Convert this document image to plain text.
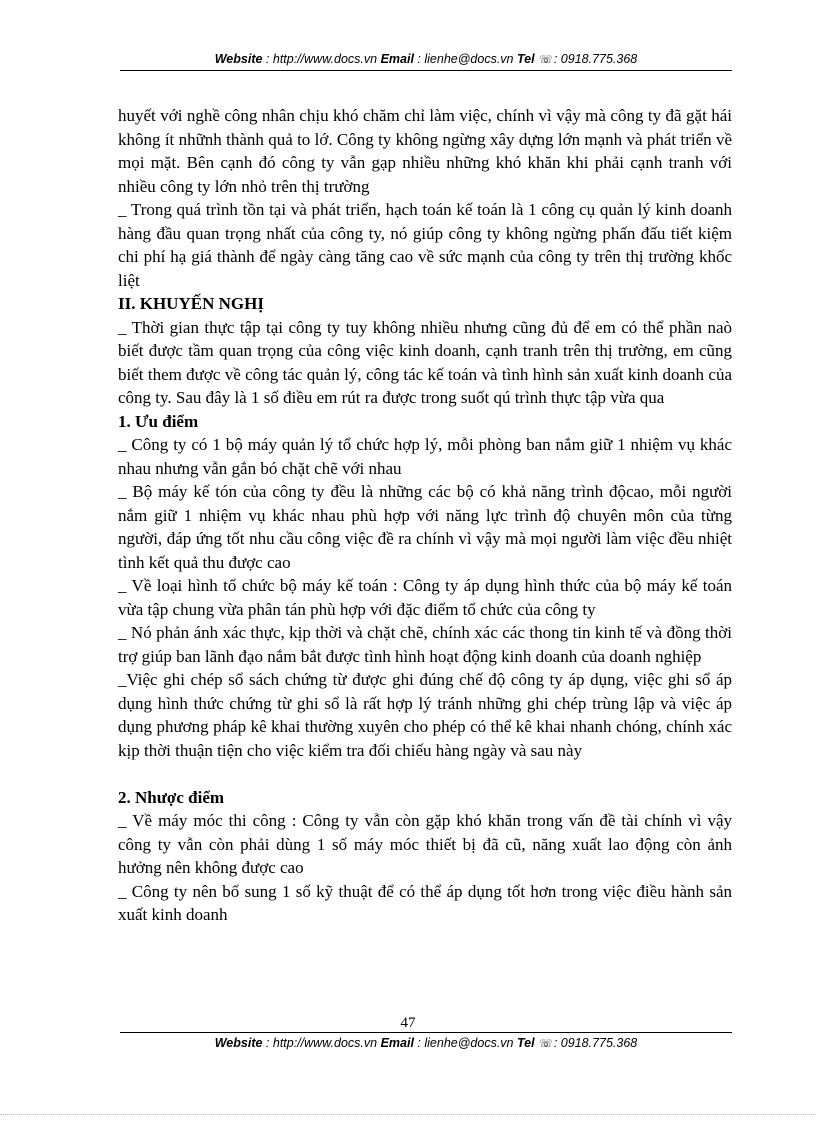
Website : http://www.docs.vn Email : lienhe@docs.vn Tel ☏: 0918.775.368

huyết với nghề công nhân chịu khó chăm chỉ làm việc, chính vì vậy mà công ty đã gặt hái không ít nhữnh thành quả to lớ. Công ty không ngừng xây dựng lớn mạnh và phát triển về mọi mặt. Bên cạnh đó công ty vẫn gạp nhiều những khó khăn khi phải cạnh tranh với nhiều công ty lớn nhỏ trên thị trường

_ Trong quá trình tồn tại và phát triển, hạch toán kế toán là 1 công cụ quản lý kinh doanh hàng đầu quan trọng nhất của công ty, nó giúp công ty không ngừng phấn đấu tiết kiệm chi phí hạ giá thành để ngày càng tăng cao về sức mạnh của công ty trên thị trường khốc liệt

II. KHUYẾN NGHỊ

_ Thời gian thực tập tại công ty tuy không nhiều nhưng cũng đủ để em có thể phần naò biết được tầm quan trọng của công việc kinh doanh, cạnh tranh trên thị trường, em cũng biết them được về công tác quản lý, công tác kế toán và tình hình sản xuất kinh doanh của công ty. Sau đây là 1 số điều em rút ra được trong suốt qú trình thực tập vừa qua

1. Ưu điểm

_ Công ty có 1 bộ máy quản lý tổ chức hợp lý, mỗi phòng ban nắm giữ 1 nhiệm vụ khác nhau nhưng vẫn gắn bó chặt chẽ với nhau

_ Bộ máy kế tón của công ty đều là những các bộ có khả năng trình độcao, mỗi người nắm giữ 1 nhiệm vụ khác nhau phù hợp với năng lực trình độ chuyên môn của từng người, đáp ứng tốt nhu cầu công việc đề ra chính vì vậy mà mọi người làm việc đều nhiệt tình kết quả thu được cao

_ Về loại hình tổ chức bộ máy kế toán : Công ty áp dụng hình thức của bộ máy kế toán vừa tập chung vừa phân tán phù hợp với đặc điểm tổ chức của công ty

_ Nó phản ánh xác thực, kịp thời và chặt chẽ, chính xác các thong tin kinh tế và đồng thời trợ giúp ban lãnh đạo nắm bắt được tình hình hoạt động kinh doanh của doanh nghiệp

_Việc ghi chép sổ sách chứng từ được ghi đúng chế độ công ty áp dụng, việc ghi sổ áp dụng hình thức chứng từ ghi sổ là rất hợp lý tránh những ghi chép trùng lập và việc áp dụng phương pháp kê khai thường xuyên cho phép có thể kê khai nhanh chóng, chính xác kịp thời thuận tiện cho việc kiểm tra đối chiếu hàng ngày và sau này

2. Nhược điểm

_ Về máy móc thi công : Công ty vẫn còn gặp khó khăn trong vấn đề tài chính vì vậy công ty vẫn còn phải dùng 1 số máy móc thiết bị đã cũ, năng xuất lao động còn ảnh hưởng nên không được cao

_ Công ty nên bổ sung 1 số kỹ thuật để có thể áp dụng tốt hơn trong việc điều hành sản xuất kinh doanh

47
Website : http://www.docs.vn Email : lienhe@docs.vn Tel ☏: 0918.775.368
